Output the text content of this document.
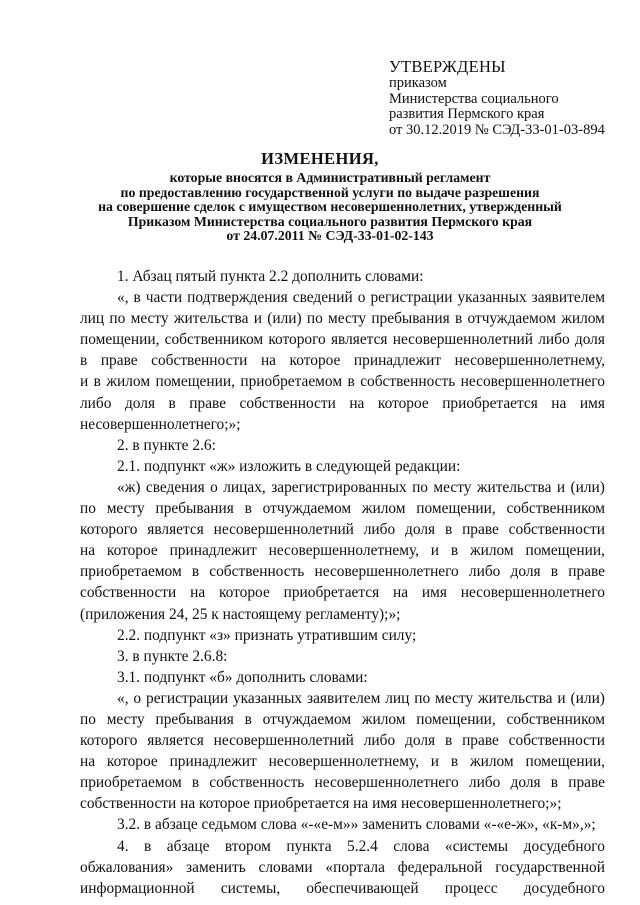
УТВЕРЖДЕНЫ
приказом
Министерства социального
развития Пермского края
от 30.12.2019 № СЭД-33-01-03-894
ИЗМЕНЕНИЯ,
которые вносятся в Административный регламент
по предоставлению государственной услуги по выдаче разрешения
на совершение сделок с имуществом несовершеннолетних, утвержденный
Приказом Министерства социального развития Пермского края
от 24.07.2011 № СЭД-33-01-02-143
1. Абзац пятый пункта 2.2 дополнить словами:
«, в части подтверждения сведений о регистрации указанных заявителем
лиц по месту жительства и (или) по месту пребывания в отчуждаемом жилом
помещении, собственником которого является несовершеннолетний либо доля
в праве собственности на которое принадлежит несовершеннолетнему,
и в жилом помещении, приобретаемом в собственность несовершеннолетнего
либо доля в праве собственности на которое приобретается на имя
несовершеннолетнего;»;
2. в пункте 2.6:
2.1. подпункт «ж» изложить в следующей редакции:
«ж) сведения о лицах, зарегистрированных по месту жительства и (или)
по месту пребывания в отчуждаемом жилом помещении, собственником
которого является несовершеннолетний либо доля в праве собственности
на которое принадлежит несовершеннолетнему, и в жилом помещении,
приобретаемом в собственность несовершеннолетнего либо доля в праве
собственности на которое приобретается на имя несовершеннолетнего
(приложения 24, 25 к настоящему регламенту);»;
2.2. подпункт «з» признать утратившим силу;
3. в пункте 2.6.8:
3.1. подпункт «б» дополнить словами:
«, о регистрации указанных заявителем лиц по месту жительства и (или)
по месту пребывания в отчуждаемом жилом помещении, собственником
которого является несовершеннолетний либо доля в праве собственности
на которое принадлежит несовершеннолетнему, и в жилом помещении,
приобретаемом в собственность несовершеннолетнего либо доля в праве
собственности на которое приобретается на имя несовершеннолетнего;»;
3.2. в абзаце седьмом слова «-«е-м»» заменить словами «-«е-ж», «к-м»,»;
4. в абзаце втором пункта 5.2.4 слова «системы досудебного
обжалования» заменить словами «портала федеральной государственной
информационной системы, обеспечивающей процесс досудебного
